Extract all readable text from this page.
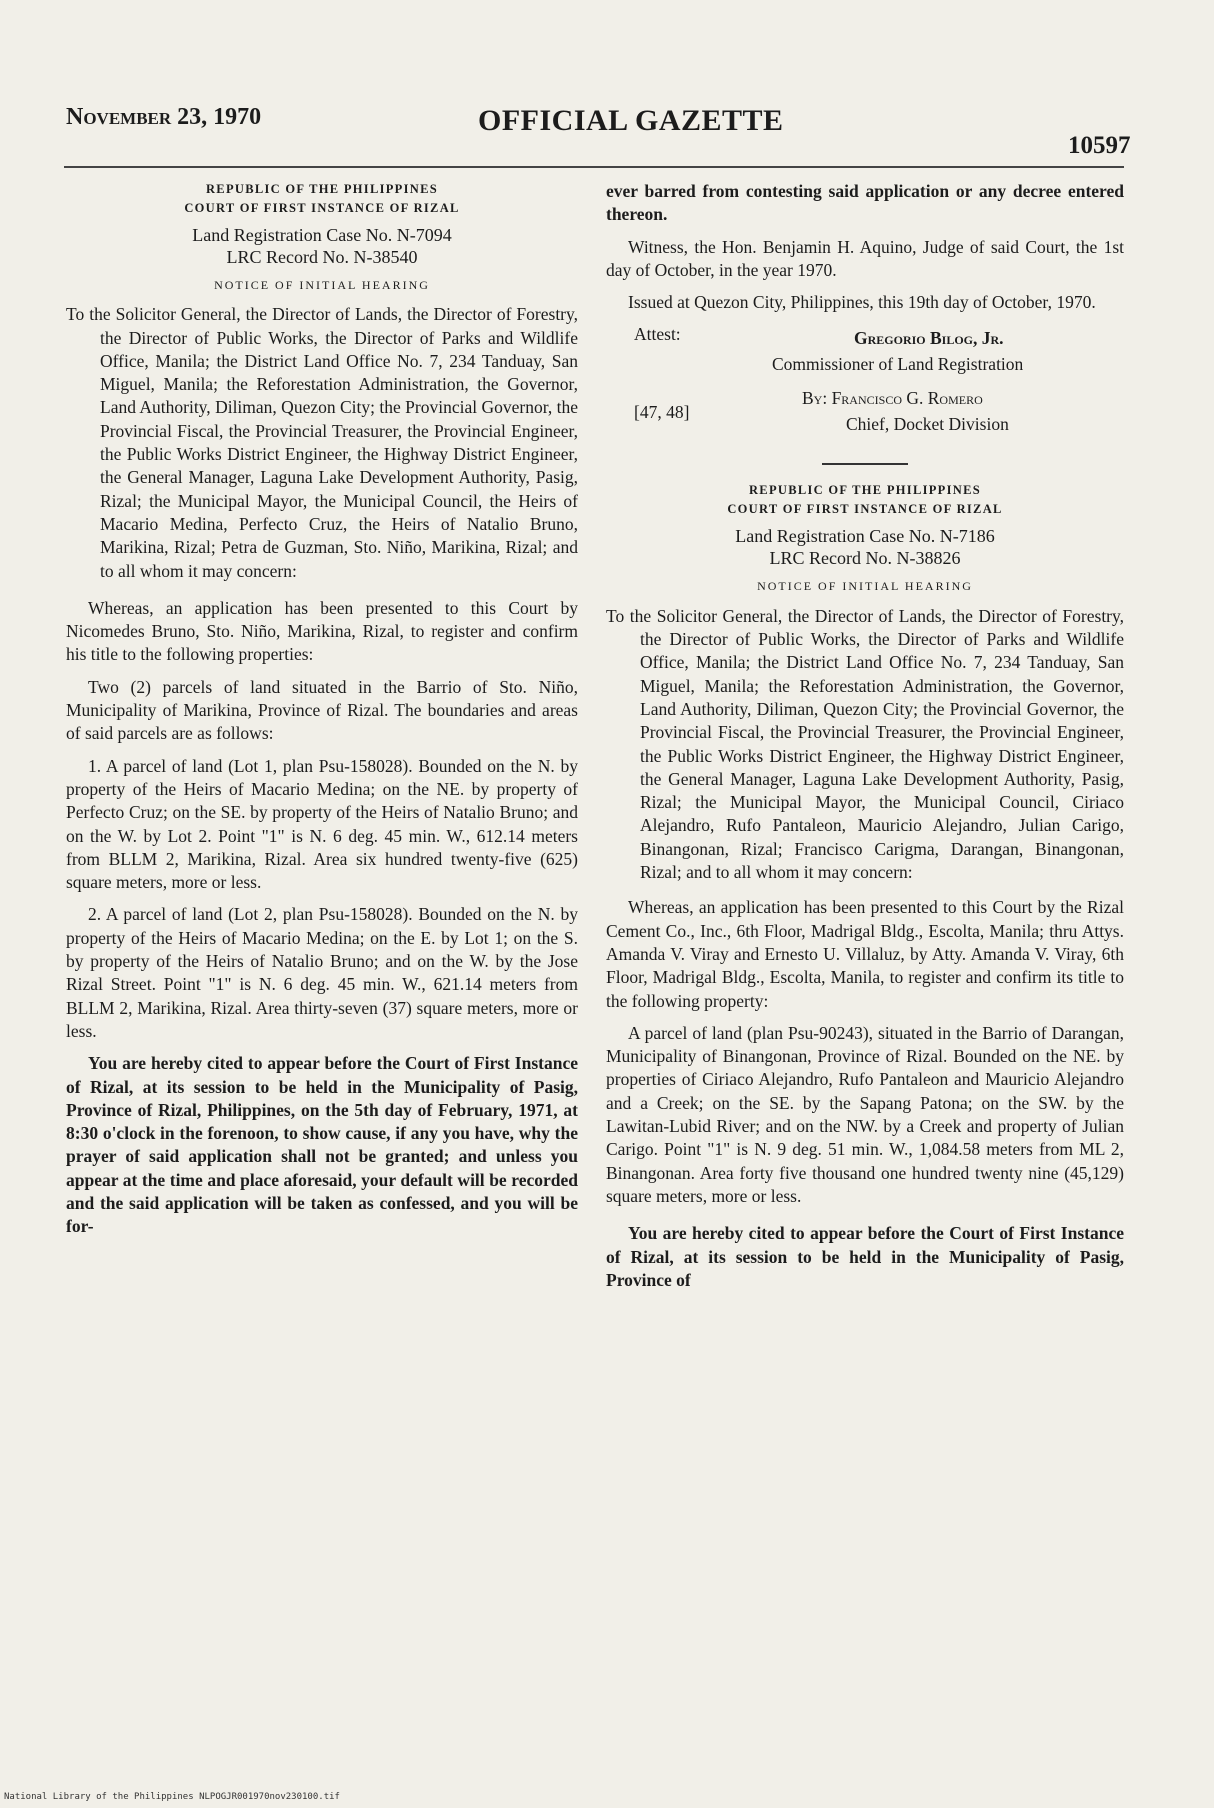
November 23, 1970	OFFICIAL GAZETTE
10597
REPUBLIC OF THE PHILIPPINES
COURT OF FIRST INSTANCE OF RIZAL
Land Registration Case No. N-7094
LRC Record No. N-38540
NOTICE OF INITIAL HEARING

To the Solicitor General, the Director of Lands, the Director of Forestry, the Director of Public Works, the Director of Parks and Wildlife Office, Manila; the District Land Office No. 7, 234 Tanduay, San Miguel, Manila; the Reforestation Administration, the Governor, Land Authority, Diliman, Quezon City; the Provincial Governor, the Provincial Fiscal, the Provincial Treasurer, the Provincial Engineer, the Public Works District Engineer, the Highway District Engineer, the General Manager, Laguna Lake Development Authority, Pasig, Rizal; the Municipal Mayor, the Municipal Council, the Heirs of Macario Medina, Perfecto Cruz, the Heirs of Natalio Bruno, Marikina, Rizal; Petra de Guzman, Sto. Niño, Marikina, Rizal; and to all whom it may concern:

Whereas, an application has been presented to this Court by Nicomedes Bruno, Sto. Niño, Marikina, Rizal, to register and confirm his title to the following properties:

Two (2) parcels of land situated in the Barrio of Sto. Niño, Municipality of Marikina, Province of Rizal. The boundaries and areas of said parcels are as follows:

1. A parcel of land (Lot 1, plan Psu-158028). Bounded on the N. by property of the Heirs of Macario Medina; on the NE. by property of Perfecto Cruz; on the SE. by property of the Heirs of Natalio Bruno; and on the W. by Lot 2. Point "1" is N. 6 deg. 45 min. W., 612.14 meters from BLLM 2, Marikina, Rizal. Area six hundred twenty-five (625) square meters, more or less.

2. A parcel of land (Lot 2, plan Psu-158028). Bounded on the N. by property of the Heirs of Macario Medina; on the E. by Lot 1; on the S. by property of the Heirs of Natalio Bruno; and on the W. by the Jose Rizal Street. Point "1" is N. 6 deg. 45 min. W., 621.14 meters from BLLM 2, Marikina, Rizal. Area thirty-seven (37) square meters, more or less.

You are hereby cited to appear before the Court of First Instance of Rizal, at its session to be held in the Municipality of Pasig, Province of Rizal, Philippines, on the 5th day of February, 1971, at 8:30 o'clock in the forenoon, to show cause, if any you have, why the prayer of said application shall not be granted; and unless you appear at the time and place aforesaid, your default will be recorded and the said application will be taken as confessed, and you will be for-

ever barred from contesting said application or any decree entered thereon.

Witness, the Hon. Benjamin H. Aquino, Judge of said Court, the 1st day of October, in the year 1970.

Issued at Quezon City, Philippines, this 19th day of October, 1970.

Attest:	Gregorio Bilog, Jr.
Commissioner of Land Registration
By: Francisco G. Romero
[47, 48]
Chief, Docket Division
REPUBLIC OF THE PHILIPPINES
COURT OF FIRST INSTANCE OF RIZAL
Land Registration Case No. N-7186
LRC Record No. N-38826
NOTICE OF INITIAL HEARING

To the Solicitor General, the Director of Lands, the Director of Forestry, the Director of Public Works, the Director of Parks and Wildlife Office, Manila; the District Land Office No. 7, 234 Tanduay, San Miguel, Manila; the Reforestation Administration, the Governor, Land Authority, Diliman, Quezon City; the Provincial Governor, the Provincial Fiscal, the Provincial Treasurer, the Provincial Engineer, the Public Works District Engineer, the Highway District Engineer, the General Manager, Laguna Lake Development Authority, Pasig, Rizal; the Municipal Mayor, the Municipal Council, Ciriaco Alejandro, Rufo Pantaleon, Mauricio Alejandro, Julian Carigo, Binangonan, Rizal; Francisco Carigma, Darangan, Binangonan, Rizal; and to all whom it may concern:

Whereas, an application has been presented to this Court by the Rizal Cement Co., Inc., 6th Floor, Madrigal Bldg., Escolta, Manila; thru Attys. Amanda V. Viray and Ernesto U. Villaluz, by Atty. Amanda V. Viray, 6th Floor, Madrigal Bldg., Escolta, Manila, to register and confirm its title to the following property:

A parcel of land (plan Psu-90243), situated in the Barrio of Darangan, Municipality of Binangonan, Province of Rizal. Bounded on the NE. by properties of Ciriaco Alejandro, Rufo Pantaleon and Mauricio Alejandro and a Creek; on the SE. by the Sapang Patona; on the SW. by the Lawitan-Lubid River; and on the NW. by a Creek and property of Julian Carigo. Point "1" is N. 9 deg. 51 min. W., 1,084.58 meters from ML 2, Binangonan. Area forty five thousand one hundred twenty nine (45,129) square meters, more or less.

You are hereby cited to appear before the Court of First Instance of Rizal, at its session to be held in the Municipality of Pasig, Province of

National Library of the Philippines NLPOGJR001970nov230100.tif
